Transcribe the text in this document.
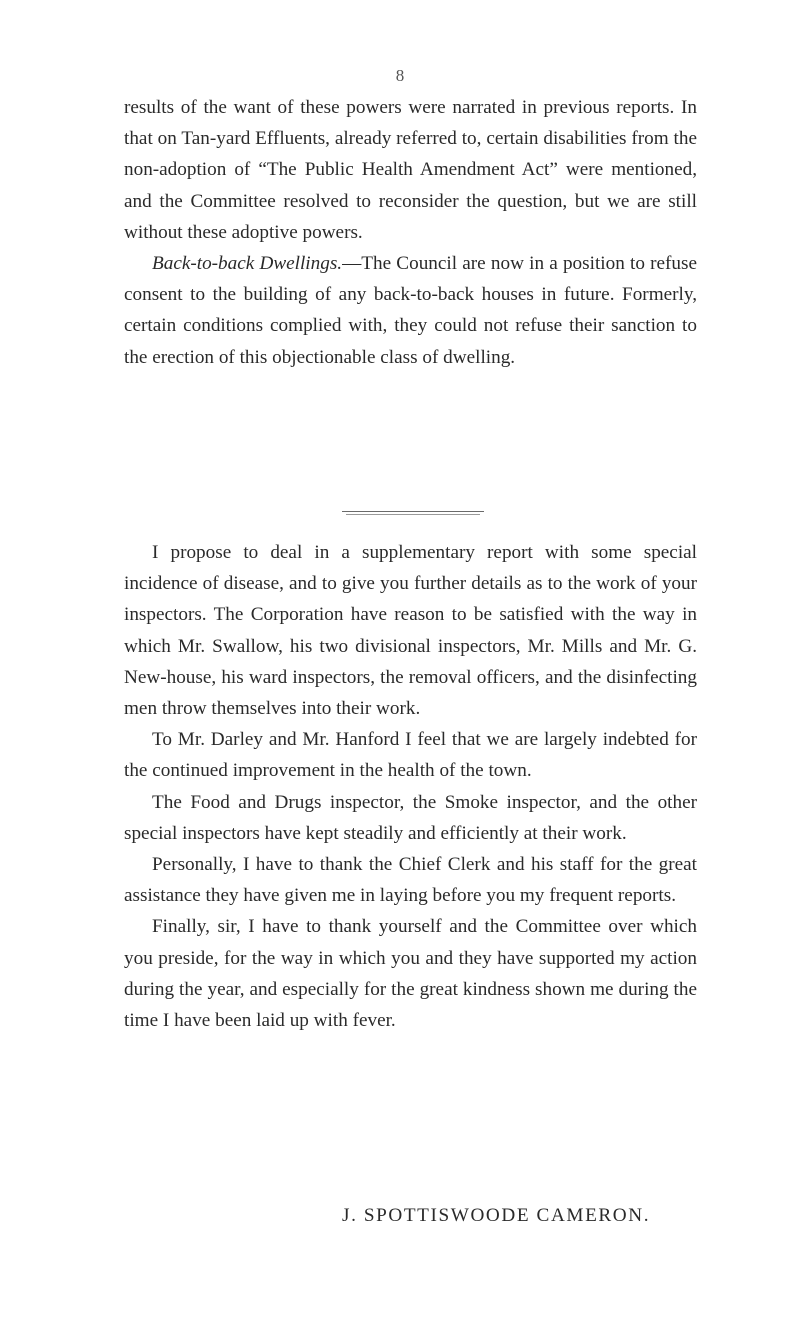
8

results of the want of these powers were narrated in previous reports. In that on Tan-yard Effluents, already referred to, certain disabilities from the non-adoption of “The Public Health Amendment Act” were mentioned, and the Committee resolved to reconsider the question, but we are still without these adoptive powers.

Back-to-back Dwellings.—The Council are now in a position to refuse consent to the building of any back-to-back houses in future. Formerly, certain conditions complied with, they could not refuse their sanction to the erection of this objectionable class of dwelling.

I propose to deal in a supplementary report with some special incidence of disease, and to give you further details as to the work of your inspectors. The Corporation have reason to be satisfied with the way in which Mr. Swallow, his two divisional inspectors, Mr. Mills and Mr. G. New-house, his ward inspectors, the removal officers, and the disinfecting men throw themselves into their work.

To Mr. Darley and Mr. Hanford I feel that we are largely indebted for the continued improvement in the health of the town.

The Food and Drugs inspector, the Smoke inspector, and the other special inspectors have kept steadily and efficiently at their work.

Personally, I have to thank the Chief Clerk and his staff for the great assistance they have given me in laying before you my frequent reports.

Finally, sir, I have to thank yourself and the Committee over which you preside, for the way in which you and they have supported my action during the year, and especially for the great kindness shown me during the time I have been laid up with fever.

J. SPOTTISWOODE CAMERON.
